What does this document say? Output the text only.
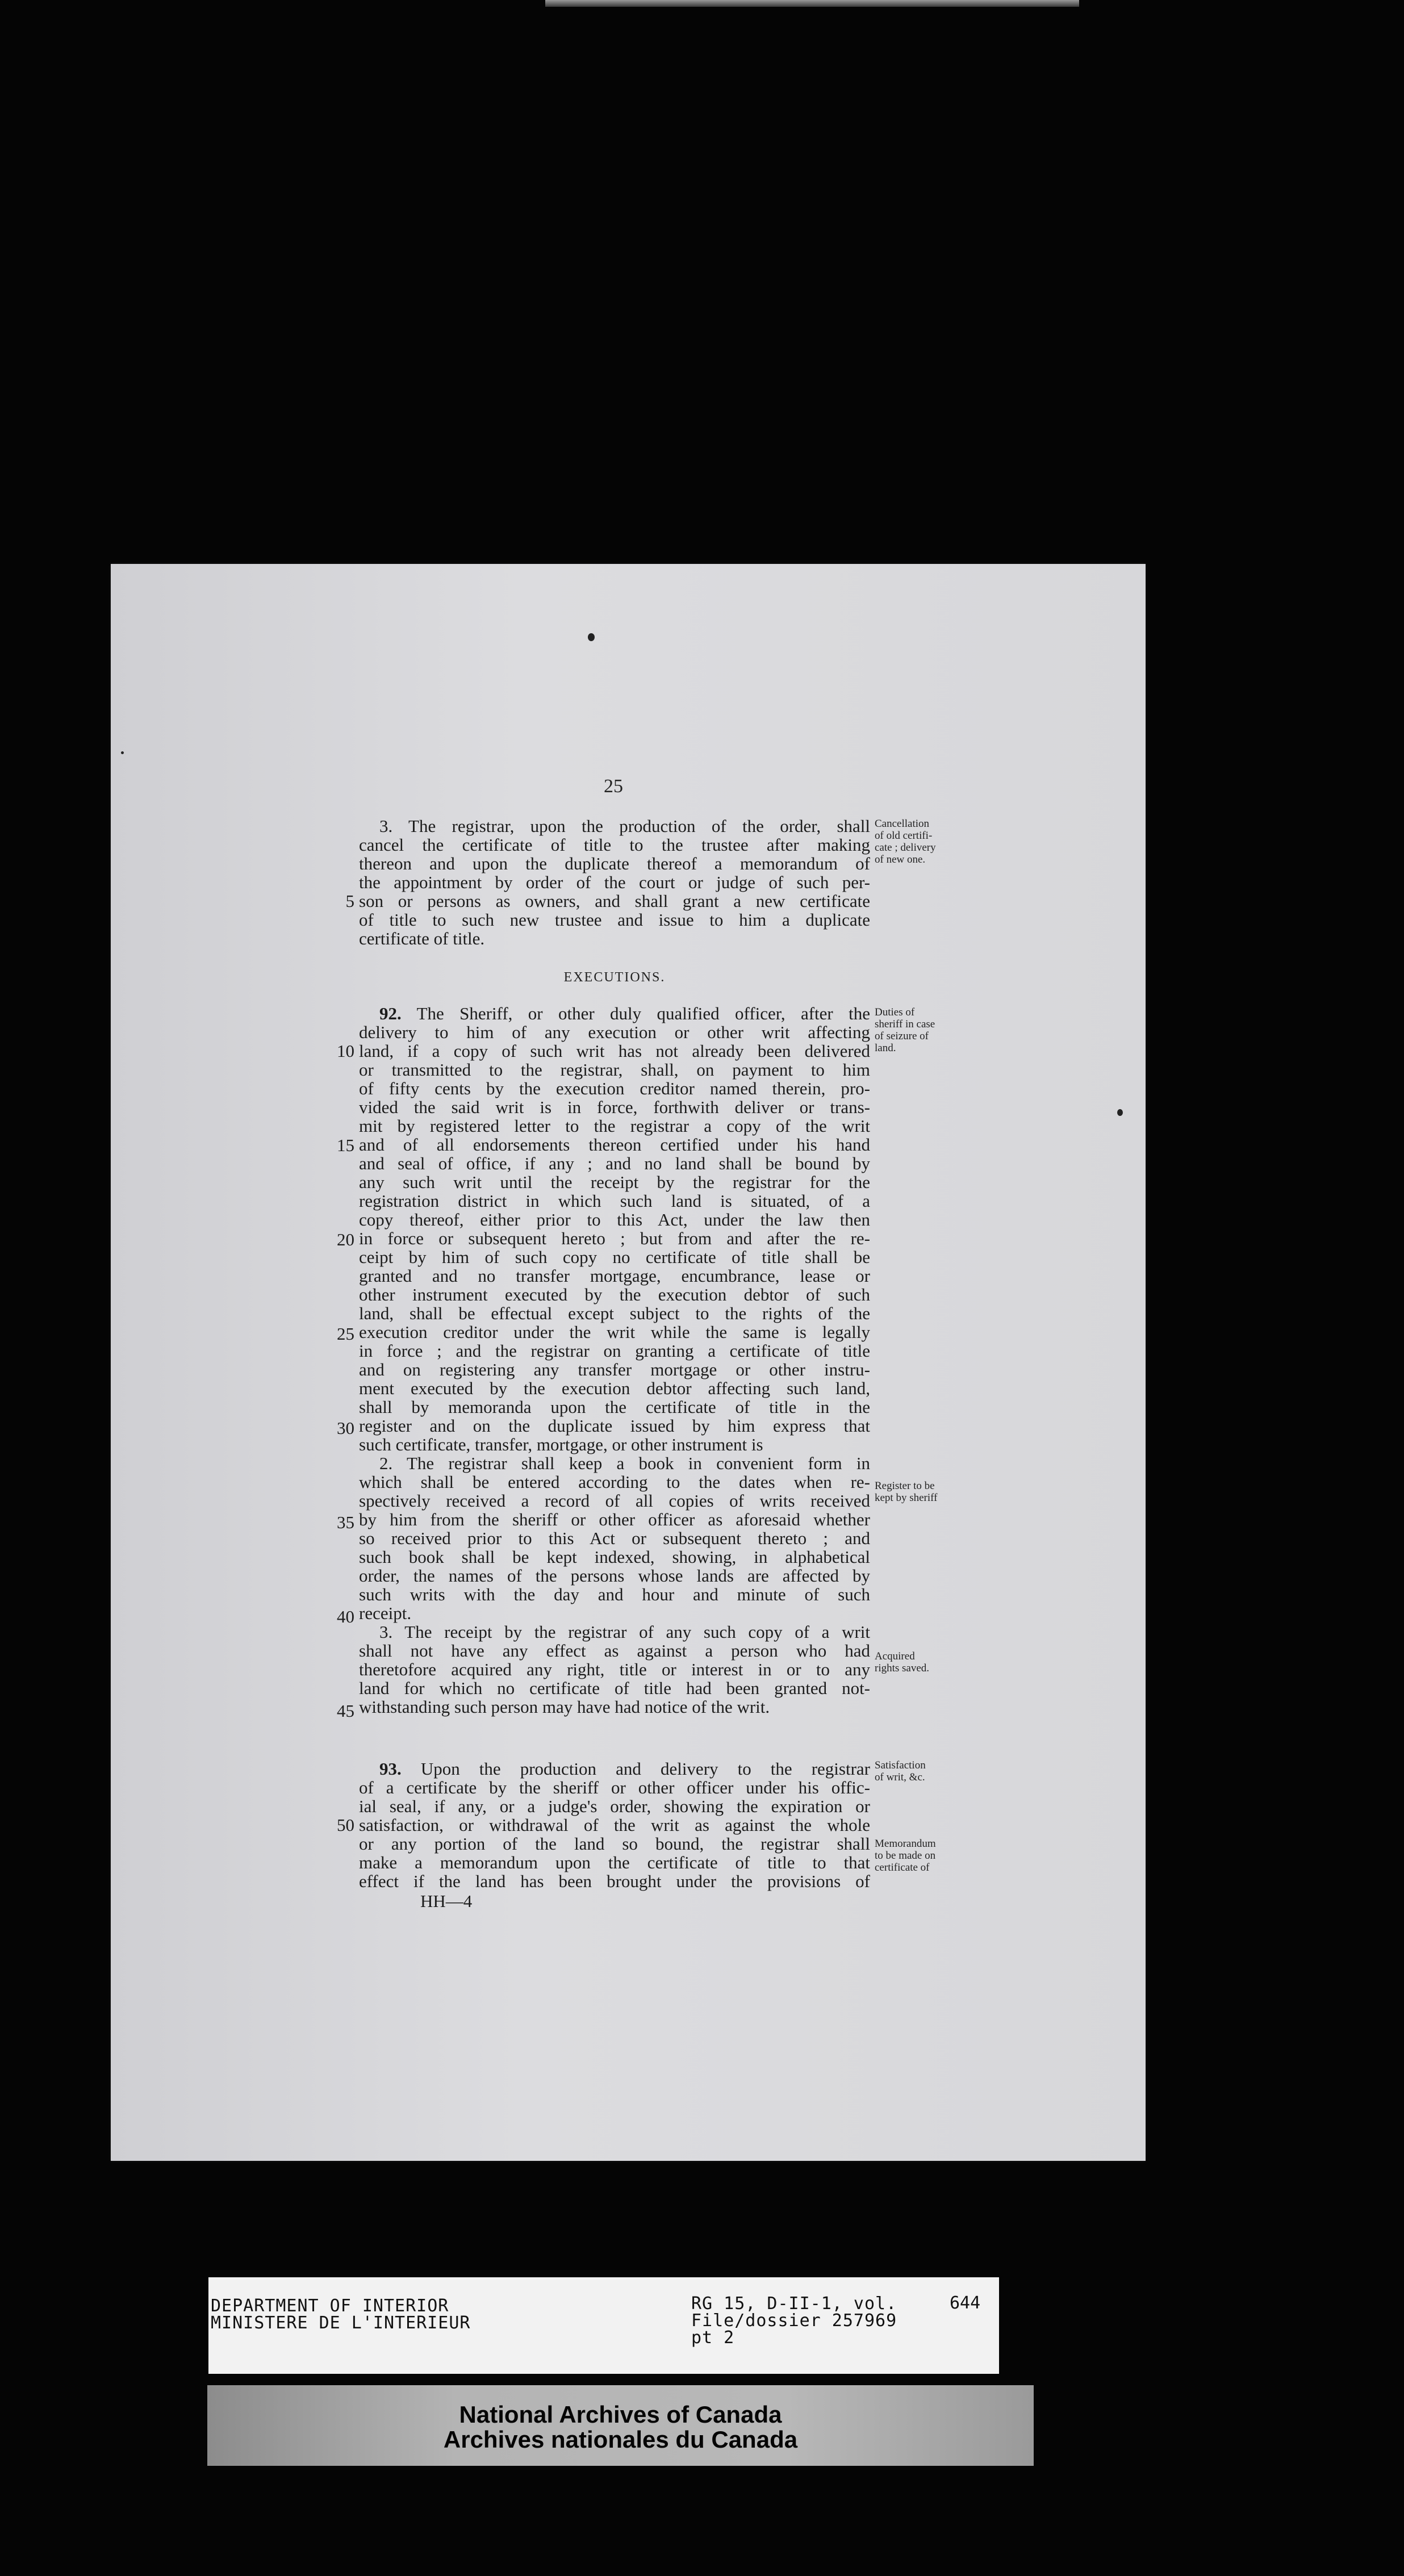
25
3. The registrar, upon the production of the order, shall
cancel the certificate of title to the trustee after making
thereon and upon the duplicate thereof a memorandum of
the appointment by order of the court or judge of such per-
son or persons as owners, and shall grant a new certificate
of title to such new trustee and issue to him a duplicate
certificate of title.
EXECUTIONS.
92. The Sheriff, or other duly qualified officer, after the
delivery to him of any execution or other writ affecting
land, if a copy of such writ has not already been delivered
or transmitted to the registrar, shall, on payment to him
of fifty cents by the execution creditor named therein, pro-
vided the said writ is in force, forthwith deliver or trans-
mit by registered letter to the registrar a copy of the writ
and of all endorsements thereon certified under his hand
and seal of office, if any ; and no land shall be bound by
any such writ until the receipt by the registrar for the
registration district in which such land is situated, of a
copy thereof, either prior to this Act, under the law then
in force or subsequent hereto ; but from and after the re-
ceipt by him of such copy no certificate of title shall be
granted and no transfer mortgage, encumbrance, lease or
other instrument executed by the execution debtor of such
land, shall be effectual except subject to the rights of the
execution creditor under the writ while the same is legally
in force ; and the registrar on granting a certificate of title
and on registering any transfer mortgage or other instru-
ment executed by the execution debtor affecting such land,
shall by memoranda upon the certificate of title in the
register and on the duplicate issued by him express that
such certificate, transfer, mortgage, or other instrument is
2. The registrar shall keep a book in convenient form in
which shall be entered according to the dates when re-
spectively received a record of all copies of writs received
by him from the sheriff or other officer as aforesaid whether
so received prior to this Act or subsequent thereto ; and
such book shall be kept indexed, showing, in alphabetical
order, the names of the persons whose lands are affected by
such writs with the day and hour and minute of such
receipt.
3. The receipt by the registrar of any such copy of a writ
shall not have any effect as against a person who had
theretofore acquired any right, title or interest in or to any
land for which no certificate of title had been granted not-
withstanding such person may have had notice of the writ.
93. Upon the production and delivery to the registrar
of a certificate by the sheriff or other officer under his offic-
ial seal, if any, or a judge's order, showing the expiration or
satisfaction, or withdrawal of the writ as against the whole
or any portion of the land so bound, the registrar shall
make a memorandum upon the certificate of title to that
effect if the land has been brought under the provisions of
HH—4
5
10
15
20
25
30
35
40
45
50
Cancellation
of old certifi-
cate ; delivery
of new one.
Duties of
sheriff in case
of seizure of
land.
Register to be
kept by sheriff
Acquired
rights saved.
Satisfaction
of writ, &c.
Memorandum
to be made on
certificate of
DEPARTMENT OF INTERIOR
MINISTERE DE L'INTERIEUR
RG 15, D-II-1, vol.
File/dossier 257969
pt 2
644
National Archives of Canada
Archives nationales du Canada
